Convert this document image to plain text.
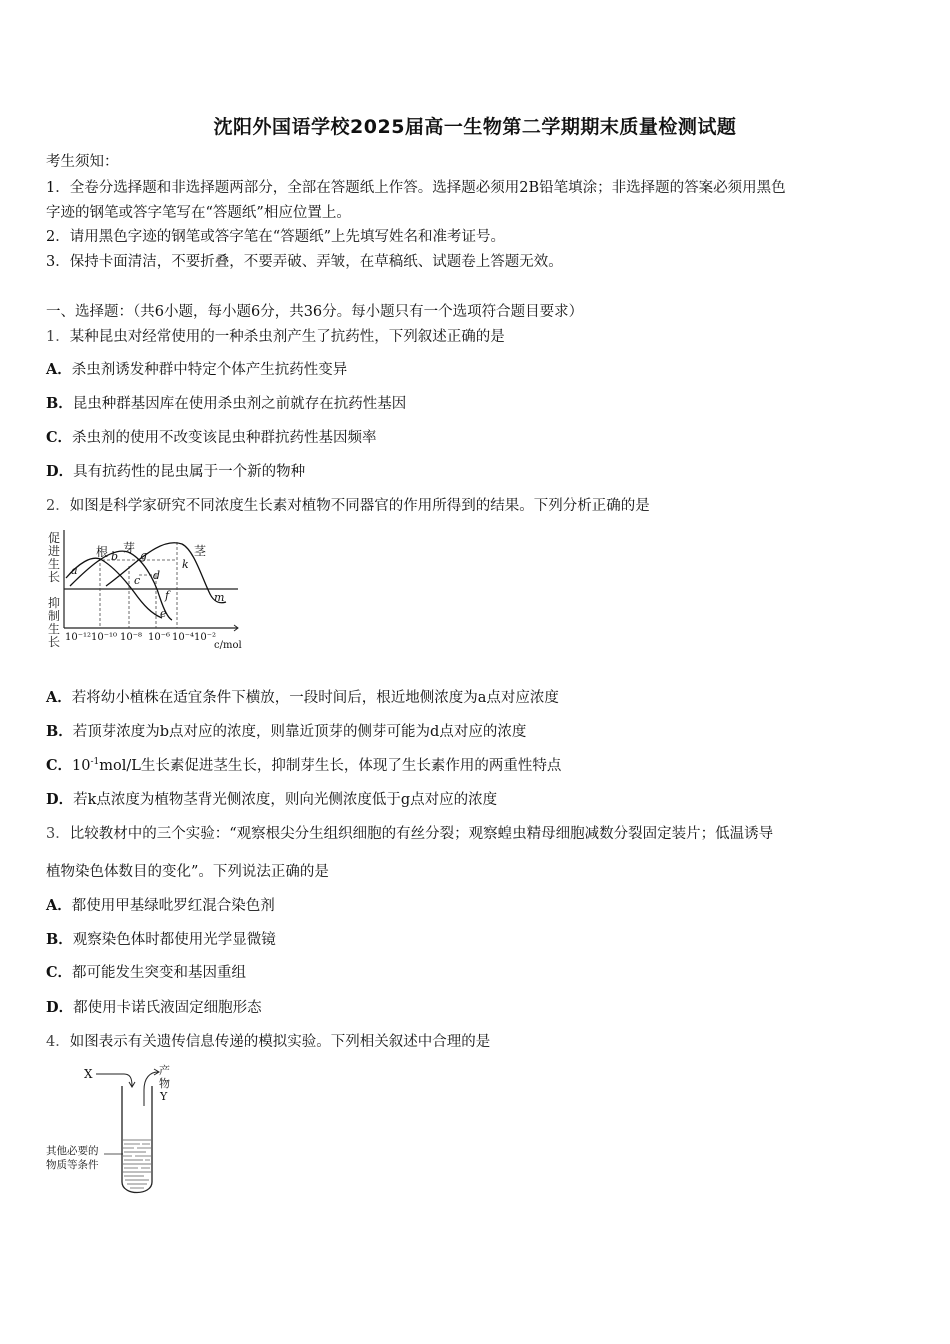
沈阳外国语学校2025届高一生物第二学期期末质量检测试题
考生须知：
1．全卷分选择题和非选择题两部分，全部在答题纸上作答。选择题必须用2B铅笔填涂；非选择题的答案必须用黑色
字迹的钢笔或答字笔写在“答题纸”相应位置上。
2．请用黑色字迹的钢笔或答字笔在“答题纸”上先填写姓名和准考证号。
3．保持卡面清洁，不要折叠，不要弄破、弄皱，在草稿纸、试题卷上答题无效。
一、选择题：（共6小题，每小题6分，共36分。每小题只有一个选项符合题目要求）
1．某种昆虫对经常使用的一种杀虫剂产生了抗药性，下列叙述正确的是
A．杀虫剂诱发种群中特定个体产生抗药性变异
B．昆虫种群基因库在使用杀虫剂之前就存在抗药性基因
C．杀虫剂的使用不改变该昆虫种群抗药性基因频率
D．具有抗药性的昆虫属于一个新的物种
2．如图是科学家研究不同浓度生长素对植物不同器官的作用所得到的结果。下列分析正确的是
促
进
生
长
抑
制
生
长
根 芽	茎
a
b g
c d
k
f
e
m
10⁻¹² 10⁻¹⁰ 10⁻⁸ 10⁻⁶ 10⁻⁴ 10⁻²
c/mol
A．若将幼小植株在适宜条件下横放，一段时间后，根近地侧浓度为a点对应浓度
B．若顶芽浓度为b点对应的浓度，则靠近顶芽的侧芽可能为d点对应的浓度
C．$10^{-1}mol/L$生长素促进茎生长，抑制芽生长，体现了生长素作用的两重性特点
D．若k点浓度为植物茎背光侧浓度，则向光侧浓度低于g点对应的浓度
3．比较教材中的三个实验：“观察根尖分生组织细胞的有丝分裂；观察蝗虫精母细胞减数分裂固定装片；低温诱导
植物染色体数目的变化”。下列说法正确的是
A．都使用甲基绿吡罗红混合染色剂
B．观察染色体时都使用光学显微镜
C．都可能发生突变和基因重组
D．都使用卡诺氏液固定细胞形态
4．如图表示有关遗传信息传递的模拟实验。下列相关叙述中合理的是
X	产
物
Y
其他必要的
物质等条件
